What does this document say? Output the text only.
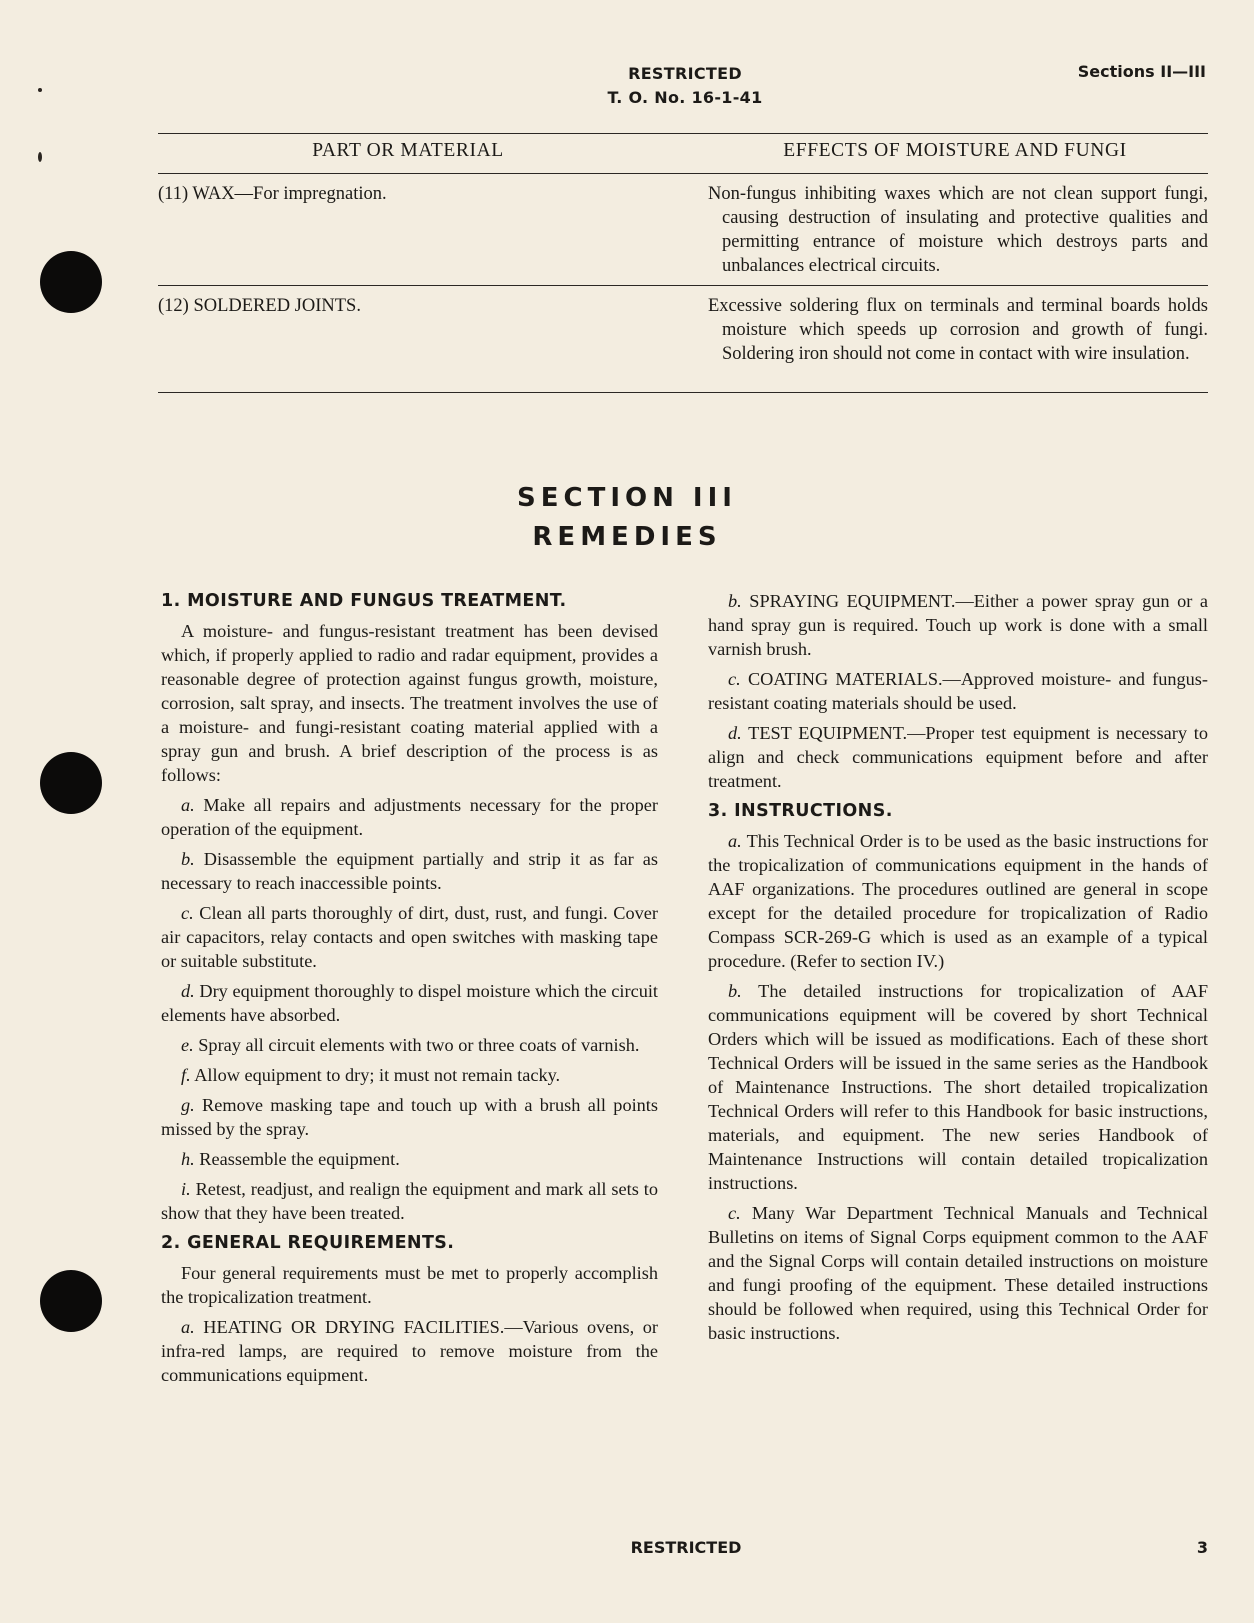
RESTRICTED
T. O. No. 16-1-41
Sections II—III
PART OR MATERIAL	EFFECTS OF MOISTURE AND FUNGI
(11) WAX—For impregnation.	Non-fungus inhibiting waxes which are not clean support fungi, causing destruction of insulating and protective qualities and permitting entrance of moisture which destroys parts and unbalances electrical circuits.
(12) SOLDERED JOINTS.	Excessive soldering flux on terminals and terminal boards holds moisture which speeds up corrosion and growth of fungi. Soldering iron should not come in contact with wire insulation.
SECTION III
REMEDIES
1. MOISTURE AND FUNGUS TREATMENT.

A moisture- and fungus-resistant treatment has been devised which, if properly applied to radio and radar equipment, provides a reasonable degree of protection against fungus growth, moisture, corrosion, salt spray, and insects. The treatment involves the use of a moisture- and fungi-resistant coating material applied with a spray gun and brush. A brief description of the process is as follows:

a. Make all repairs and adjustments necessary for the proper operation of the equipment.

b. Disassemble the equipment partially and strip it as far as necessary to reach inaccessible points.

c. Clean all parts thoroughly of dirt, dust, rust, and fungi. Cover air capacitors, relay contacts and open switches with masking tape or suitable substitute.

d. Dry equipment thoroughly to dispel moisture which the circuit elements have absorbed.

e. Spray all circuit elements with two or three coats of varnish.

f. Allow equipment to dry; it must not remain tacky.

g. Remove masking tape and touch up with a brush all points missed by the spray.

h. Reassemble the equipment.

i. Retest, readjust, and realign the equipment and mark all sets to show that they have been treated.

2. GENERAL REQUIREMENTS.

Four general requirements must be met to properly accomplish the tropicalization treatment.

a. HEATING OR DRYING FACILITIES.—Various ovens, or infra-red lamps, are required to remove moisture from the communications equipment.

b. SPRAYING EQUIPMENT.—Either a power spray gun or a hand spray gun is required. Touch up work is done with a small varnish brush.

c. COATING MATERIALS.—Approved moisture- and fungus-resistant coating materials should be used.

d. TEST EQUIPMENT.—Proper test equipment is necessary to align and check communications equipment before and after treatment.

3. INSTRUCTIONS.

a. This Technical Order is to be used as the basic instructions for the tropicalization of communications equipment in the hands of AAF organizations. The procedures outlined are general in scope except for the detailed procedure for tropicalization of Radio Compass SCR-269-G which is used as an example of a typical procedure. (Refer to section IV.)

b. The detailed instructions for tropicalization of AAF communications equipment will be covered by short Technical Orders which will be issued as modifications. Each of these short Technical Orders will be issued in the same series as the Handbook of Maintenance Instructions. The short detailed tropicalization Technical Orders will refer to this Handbook for basic instructions, materials, and equipment. The new series Handbook of Maintenance Instructions will contain detailed tropicalization instructions.

c. Many War Department Technical Manuals and Technical Bulletins on items of Signal Corps equipment common to the AAF and the Signal Corps will contain detailed instructions on moisture and fungi proofing of the equipment. These detailed instructions should be followed when required, using this Technical Order for basic instructions.

RESTRICTED	3
